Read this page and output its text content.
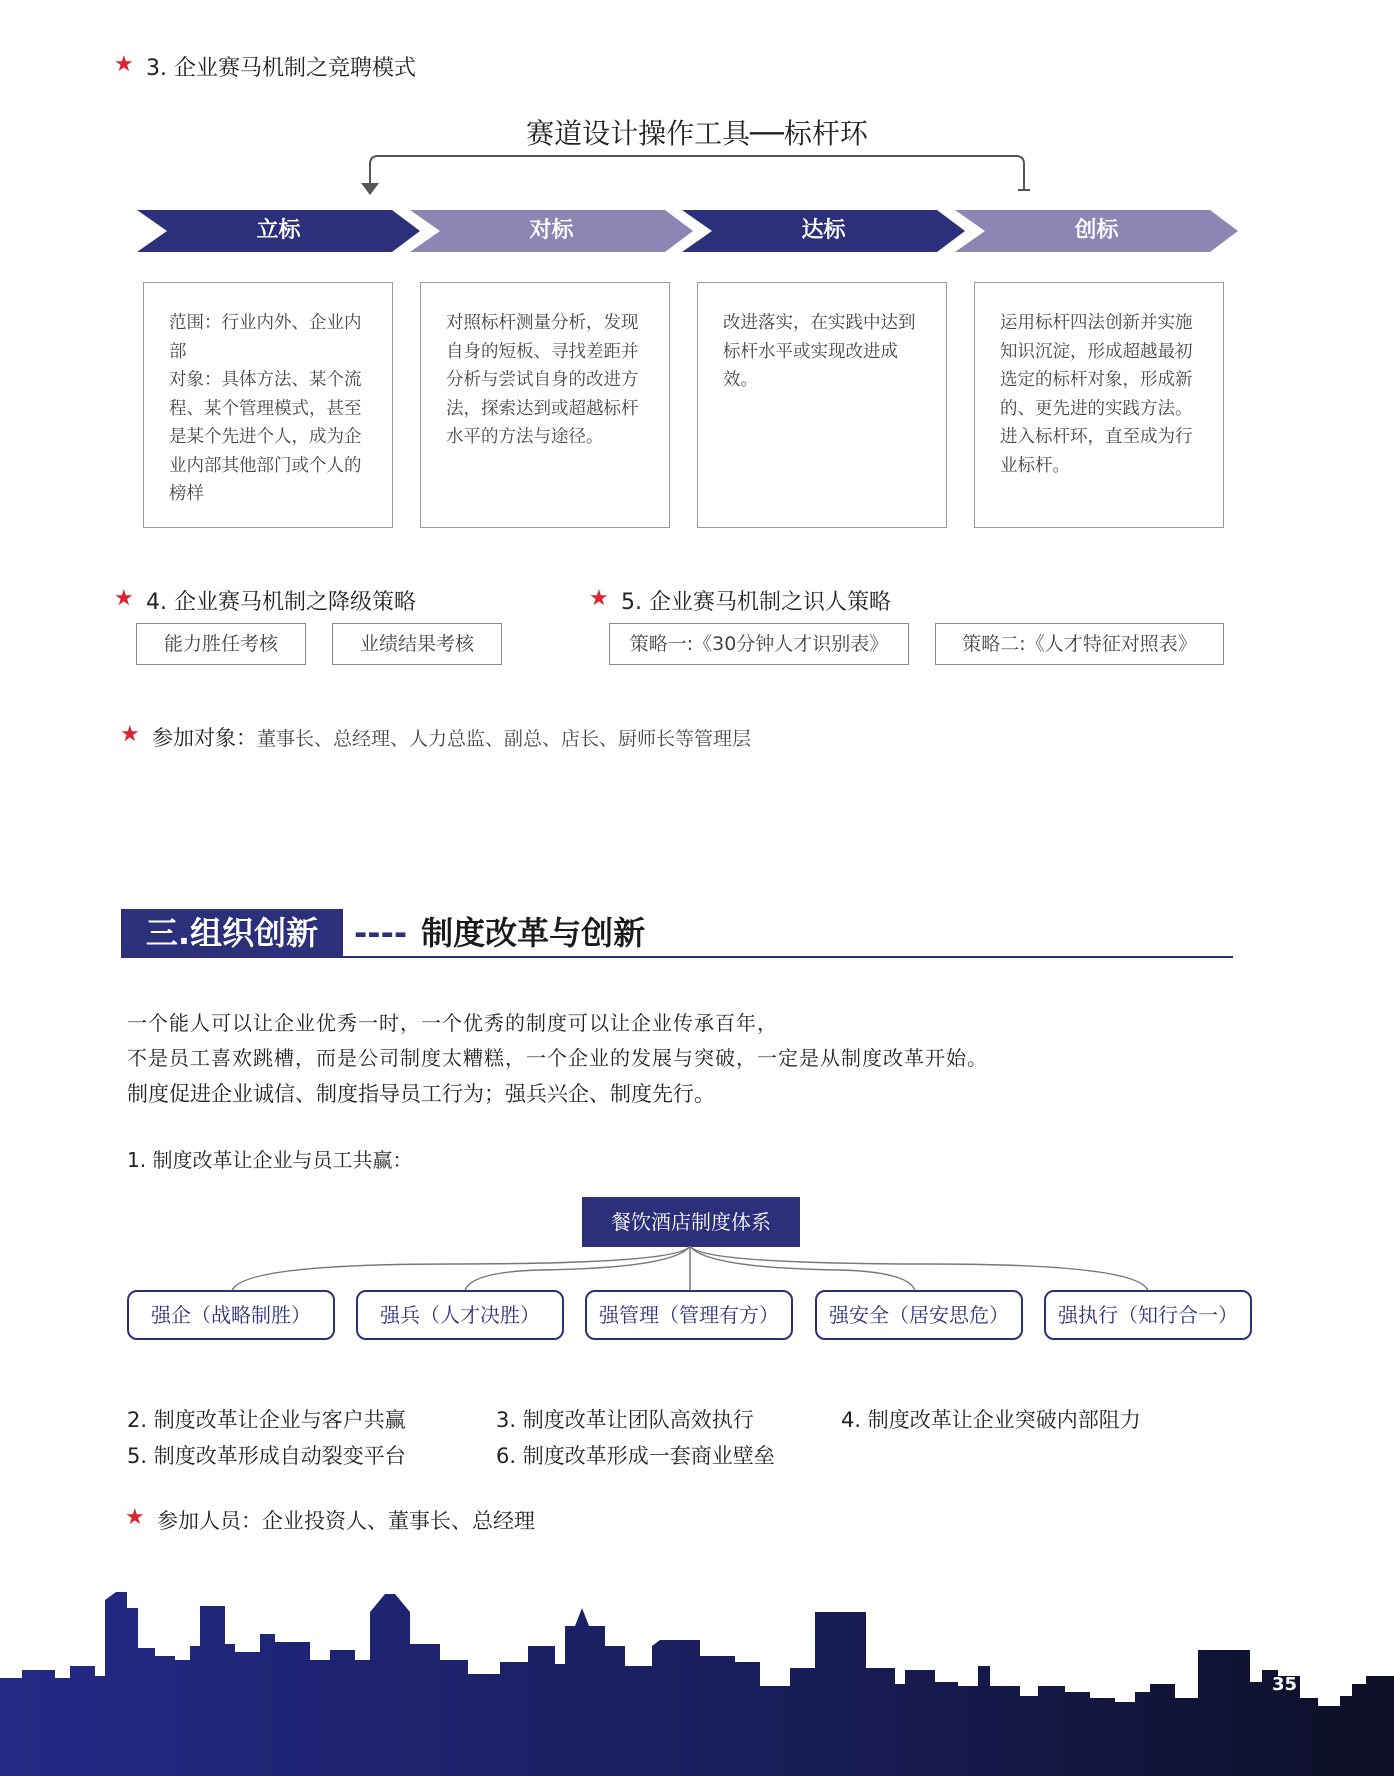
★ 3. 企业赛马机制之竞聘模式
赛道设计操作工具──标杆环
立标	对标	达标	创标
范围：行业内外、企业内部
对象：具体方法、某个流程、某个管理模式，甚至是某个先进个人，成为企业内部其他部门或个人的榜样
对照标杆测量分析，发现自身的短板、寻找差距并分析与尝试自身的改进方法，探索达到或超越标杆水平的方法与途径。
改进落实，在实践中达到标杆水平或实现改进成效。
运用标杆四法创新并实施知识沉淀，形成超越最初选定的标杆对象，形成新的、更先进的实践方法。进入标杆环，直至成为行业标杆。
★ 4. 企业赛马机制之降级策略
能力胜任考核	业绩结果考核
★ 5. 企业赛马机制之识人策略
策略一:《30分钟人才识别表》	策略二:《人才特征对照表》
★ 参加对象：董事长、总经理、人力总监、副总、店长、厨师长等管理层
三.组织创新	---- 制度改革与创新
一个能人可以让企业优秀一时，一个优秀的制度可以让企业传承百年，
不是员工喜欢跳槽，而是公司制度太糟糕，一个企业的发展与突破，一定是从制度改革开始。
制度促进企业诚信、制度指导员工行为；强兵兴企、制度先行。
1. 制度改革让企业与员工共赢：
餐饮酒店制度体系
强企（战略制胜）	强兵（人才决胜）	强管理（管理有方）	强安全（居安思危）	强执行（知行合一）
2. 制度改革让企业与客户共赢	3. 制度改革让团队高效执行	4. 制度改革让企业突破内部阻力
5. 制度改革形成自动裂变平台	6. 制度改革形成一套商业壁垒
★ 参加人员：企业投资人、董事长、总经理
35
